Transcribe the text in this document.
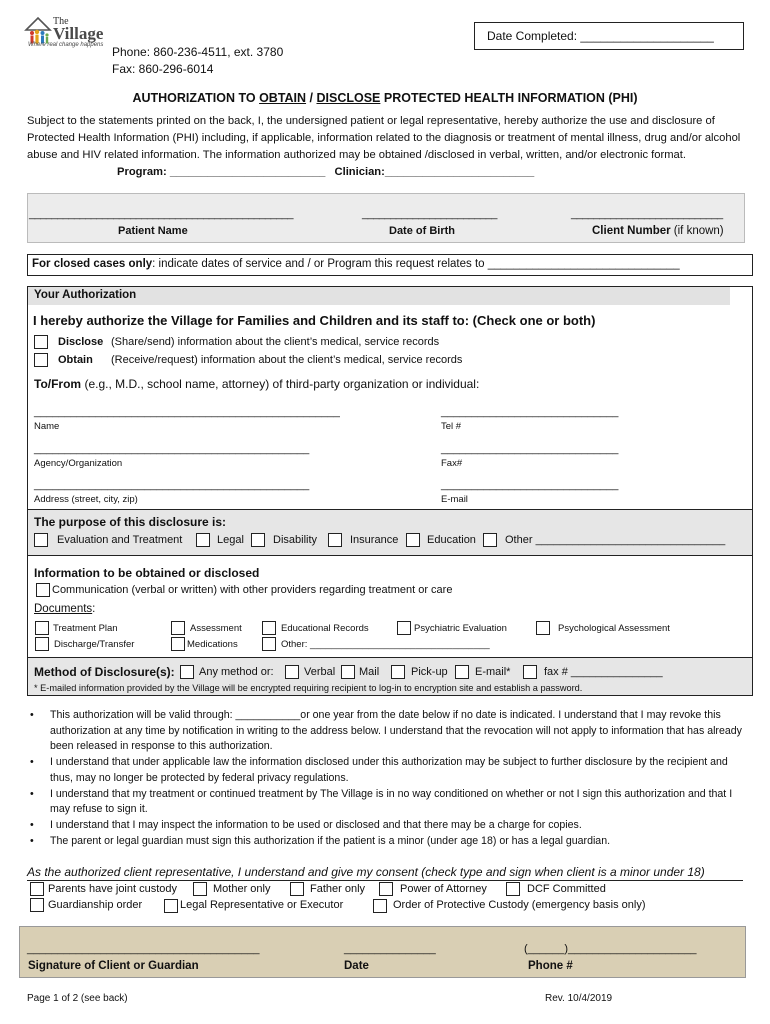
The
Village
Where real change happens Phone: 860-236-4511, ext. 3780
Fax: 860-296-6014
Date Completed: ____________________
AUTHORIZATION TO OBTAIN / DISCLOSE PROTECTED HEALTH INFORMATION (PHI)
Subject to the statements printed on the back, I, the undersigned patient or legal representative, hereby authorize the use and disclosure of Protected Health Information (PHI) including, if applicable, information related to the diagnosis or treatment of mental illness, drug and/or alcohol abuse and HIV related information. The information authorized may be obtained /disclosed in verbal, written, and/or electronic format. Program: _________________________ Clinician:________________________
_______________________________________________	________________________	___________________________
Patient Name	Date of Birth	Client Number (if known)
For closed cases only: indicate dates of service and / or Program this request relates to ______________________________
Your Authorization
I hereby authorize the Village for Families and Children and its staff to: (Check one or both)
Disclose (Share/send) information about the client’s medical, service records
Obtain (Receive/request) information about the client’s medical, service records
To/From (e.g., M.D., school name, attorney) of third-party organization or individual:
__________________________________________________	_____________________________
Name	Tel #
_____________________________________________	_____________________________
Agency/Organization	Fax#
_____________________________________________	_____________________________
Address (street, city, zip)	E-mail
The purpose of this disclosure is:
Evaluation and Treatment	Legal	Disability	Insurance	Education	Other _______________________________
Information to be obtained or disclosed
Communication (verbal or written) with other providers regarding treatment or care
Documents:
Treatment Plan	Assessment	Educational Records	Psychiatric Evaluation	Psychological Assessment
Discharge/Transfer	Medications	Other: __________________________________
Method of Disclosure(s): Any method or:	Verbal Mail	Pick-up E-mail*	fax # _______________
* E-mailed information provided by the Village will be encrypted requiring recipient to log-in to encryption site and establish a password.
• This authorization will be valid through: ___________or one year from the date below if no date is indicated. I understand that I may revoke this authorization at any time by notification in writing to the address below. I understand that the revocation will not apply to information that has already been released in response to this authorization.
• I understand that under applicable law the information disclosed under this authorization may be subject to further disclosure by the recipient and thus, may no longer be protected by federal privacy regulations.
• I understand that my treatment or continued treatment by The Village is in no way conditioned on whether or not I sign this authorization and that I may refuse to sign it.
• I understand that I may inspect the information to be used or disclosed and that there may be a charge for copies.
• The parent or legal guardian must sign this authorization if the patient is a minor (under age 18) or has a legal guardian.
As the authorized client representative, I understand and give my consent (check type and sign when client is a minor under 18)
Parents have joint custody	Mother only	Father only	Power of Attorney	DCF Committed
Guardianship order	Legal Representative or Executor	Order of Protective Custody (emergency basis only)
______________________________________	_______________	(______)_____________________
Signature of Client or Guardian	Date	Phone #
Page 1 of 2 (see back)	Rev. 10/4/2019
